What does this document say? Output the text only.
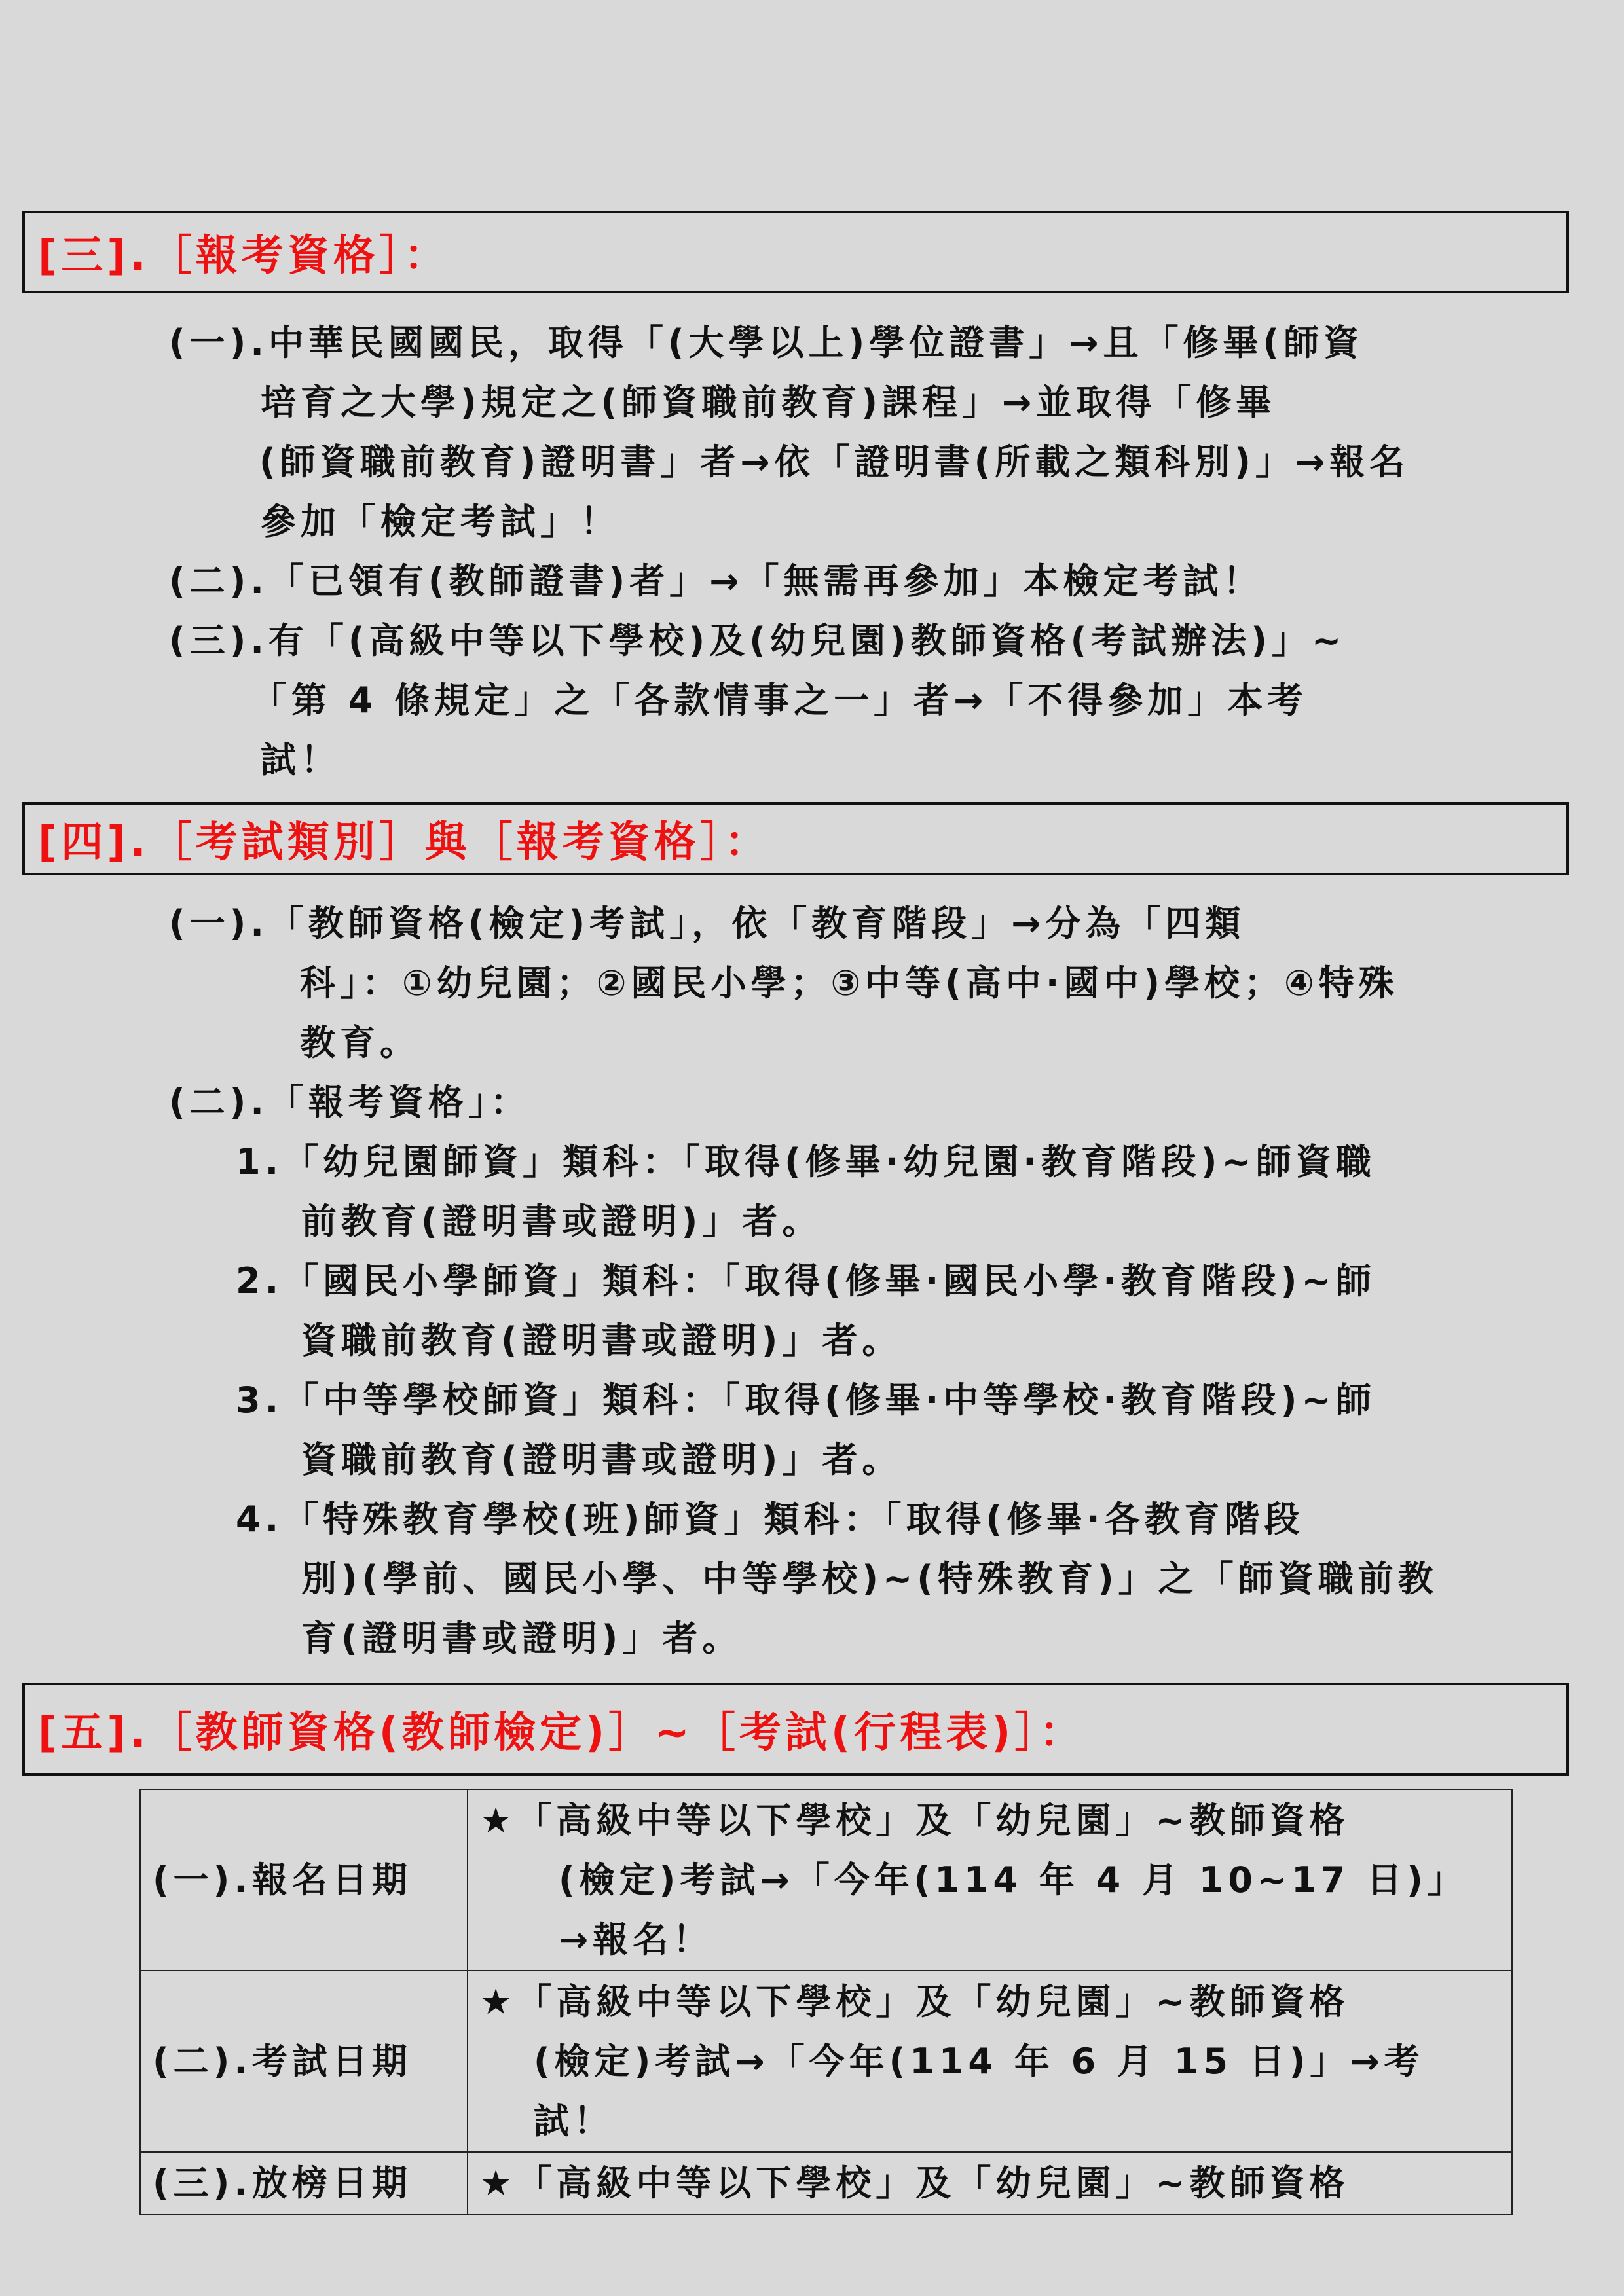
[三].［報考資格］：
(一).中華民國國民，取得「(大學以上)學位證書」→且「修畢(師資
培育之大學)規定之(師資職前教育)課程」→並取得「修畢
(師資職前教育)證明書」者→依「證明書(所載之類科別)」→報名
參加「檢定考試」！
(二).「已領有(教師證書)者」→「無需再參加」本檢定考試！
(三).有「(高級中等以下學校)及(幼兒園)教師資格(考試辦法)」~
「第 4 條規定」之「各款情事之一」者→「不得參加」本考
試！
[四].［考試類別］與［報考資格］：
(一).「教師資格(檢定)考試」，依「教育階段」→分為「四類
科」：①幼兒園；②國民小學；③中等(高中·國中)學校；④特殊
教育。
(二).「報考資格」：
1.「幼兒園師資」類科：「取得(修畢·幼兒園·教育階段)~師資職
前教育(證明書或證明)」者。
2.「國民小學師資」類科：「取得(修畢·國民小學·教育階段)~師
資職前教育(證明書或證明)」者。
3.「中等學校師資」類科：「取得(修畢·中等學校·教育階段)~師
資職前教育(證明書或證明)」者。
4.「特殊教育學校(班)師資」類科：「取得(修畢·各教育階段
別)(學前、國民小學、中等學校)~(特殊教育)」之「師資職前教
育(證明書或證明)」者。
[五].［教師資格(教師檢定)］~［考試(行程表)］：
(一).報名日期	★「高級中等以下學校」及「幼兒園」~教師資格
(檢定)考試→「今年(114 年 4 月 10~17 日)」
→報名！

(二).考試日期	★「高級中等以下學校」及「幼兒園」~教師資格
(檢定)考試→「今年(114 年 6 月 15 日)」→考
試！

(三).放榜日期	★「高級中等以下學校」及「幼兒園」~教師資格
